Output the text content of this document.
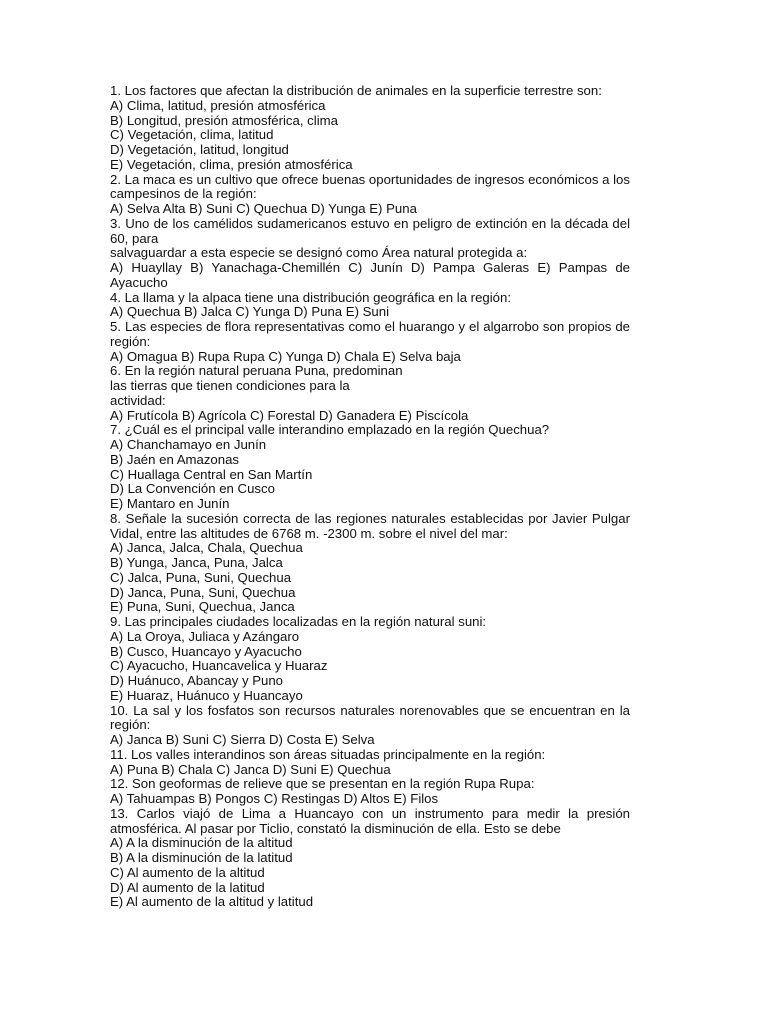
1. Los factores que afectan la distribución de animales en la superficie terrestre son:
A) Clima, latitud, presión atmosférica
B) Longitud, presión atmosférica, clima
C) Vegetación, clima, latitud
D) Vegetación, latitud, longitud
E) Vegetación, clima, presión atmosférica
2. La maca es un cultivo que ofrece buenas oportunidades de ingresos económicos a los
campesinos de la región:
A) Selva Alta B) Suni C) Quechua D) Yunga E) Puna
3. Uno de los camélidos sudamericanos estuvo en peligro de extinción en la década del
60, para
salvaguardar a esta especie se designó como Área natural protegida a:
A) Huayllay B) Yanachaga-Chemillén C) Junín D) Pampa Galeras E) Pampas de
Ayacucho
4. La llama y la alpaca tiene una distribución geográfica en la región:
A) Quechua B) Jalca C) Yunga D) Puna E) Suni
5. Las especies de flora representativas como el huarango y el algarrobo son propios de
región:
A) Omagua B) Rupa Rupa C) Yunga D) Chala E) Selva baja
6. En la región natural peruana Puna, predominan
las tierras que tienen condiciones para la
actividad:
A) Frutícola B) Agrícola C) Forestal D) Ganadera E) Piscícola
7. ¿Cuál es el principal valle interandino emplazado en la región Quechua?
A) Chanchamayo en Junín
B) Jaén en Amazonas
C) Huallaga Central en San Martín
D) La Convención en Cusco
E) Mantaro en Junín
8. Señale la sucesión correcta de las regiones naturales establecidas por Javier Pulgar
Vidal, entre las altitudes de 6768 m. -2300 m. sobre el nivel del mar:
A) Janca, Jalca, Chala, Quechua
B) Yunga, Janca, Puna, Jalca
C) Jalca, Puna, Suni, Quechua
D) Janca, Puna, Suni, Quechua
E) Puna, Suni, Quechua, Janca
9. Las principales ciudades localizadas en la región natural suni:
A) La Oroya, Juliaca y Azángaro
B) Cusco, Huancayo y Ayacucho
C) Ayacucho, Huancavelica y Huaraz
D) Huánuco, Abancay y Puno
E) Huaraz, Huánuco y Huancayo
10. La sal y los fosfatos son recursos naturales norenovables que se encuentran en la
región:
A) Janca B) Suni C) Sierra D) Costa E) Selva
11. Los valles interandinos son áreas situadas principalmente en la región:
A) Puna B) Chala C) Janca D) Suni E) Quechua
12. Son geoformas de relieve que se presentan en la región Rupa Rupa:
A) Tahuampas B) Pongos C) Restingas D) Altos E) Filos
13. Carlos viajó de Lima a Huancayo con un instrumento para medir la presión
atmosférica. Al pasar por Ticlio, constató la disminución de ella. Esto se debe
A) A la disminución de la altitud
B) A la disminución de la latitud
C) Al aumento de la altitud
D) Al aumento de la latitud
E) Al aumento de la altitud y latitud
